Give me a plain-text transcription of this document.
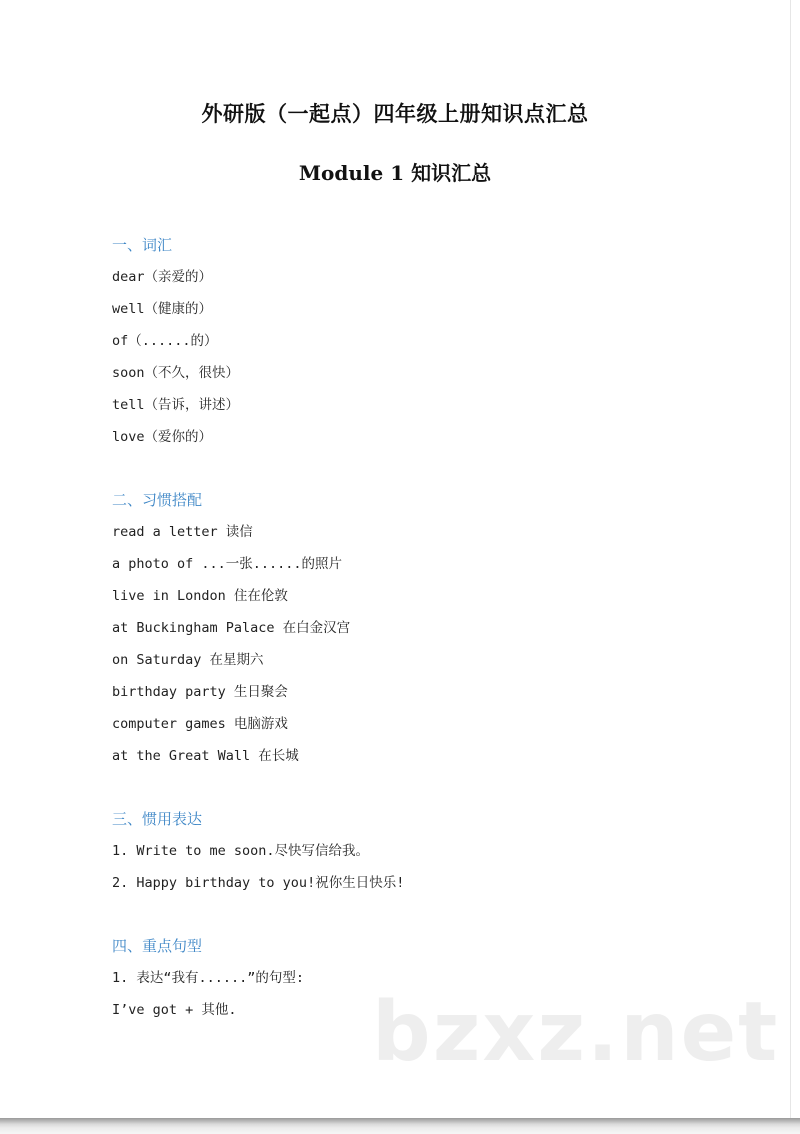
外研版（一起点）四年级上册知识点汇总
Module 1 知识汇总
一、词汇
dear（亲爱的）
well（健康的）
of（......的）
soon（不久，很快）
tell（告诉，讲述）
love（爱你的）
二、习惯搭配
read a letter 读信
a photo of ...一张......的照片
live in London 住在伦敦
at Buckingham Palace 在白金汉宫
on Saturday 在星期六
birthday party 生日聚会
computer games 电脑游戏
at the Great Wall 在长城
三、惯用表达
1. Write to me soon.尽快写信给我。
2. Happy birthday to you!祝你生日快乐!
四、重点句型
1. 表达“我有......”的句型:
I’ve got + 其他.	bzxz.net
